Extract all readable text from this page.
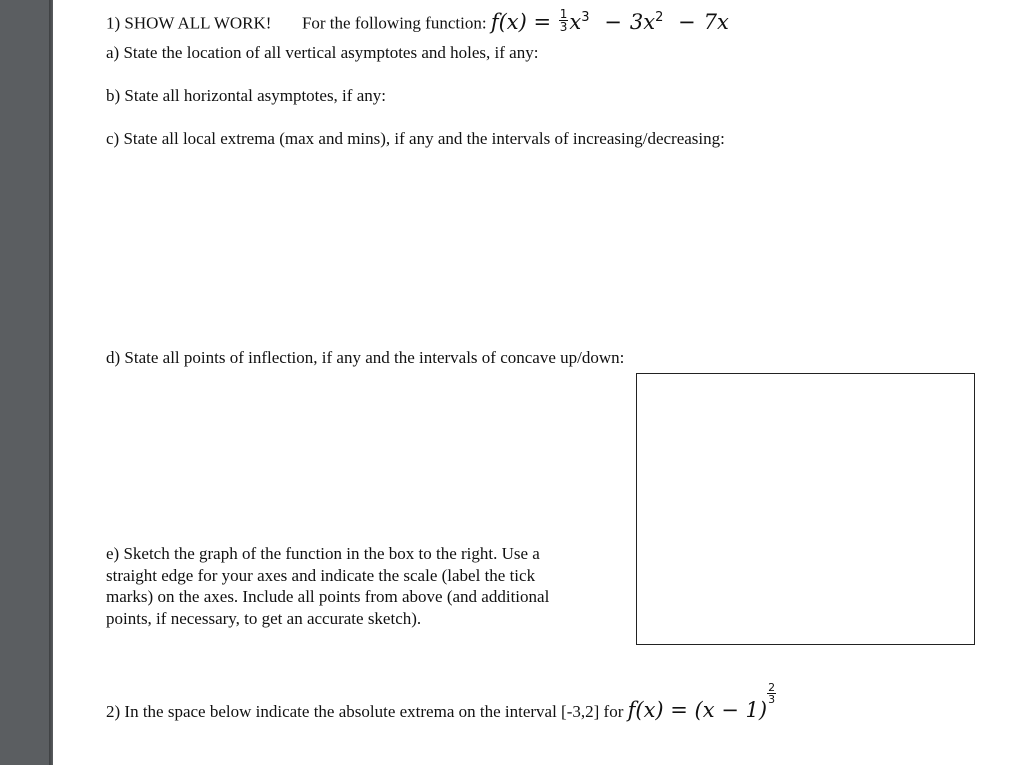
1) SHOW ALL WORK! For the following function: $f(x) = \frac{1}{3} x^3 - 3x^2 - 7x$
a) State the location of all vertical asymptotes and holes, if any:
b) State all horizontal asymptotes, if any:
c) State all local extrema (max and mins), if any and the intervals of increasing/decreasing:
d) State all points of inflection, if any and the intervals of concave up/down:
e) Sketch the graph of the function in the box to the right. Use a
straight edge for your axes and indicate the scale (label the tick
marks) on the axes. Include all points from above (and additional
points, if necessary, to get an accurate sketch).
2) In the space below indicate the absolute extrema on the interval [-3,2] for f(x) = (x − 1)
$\frac{2}{3}$
